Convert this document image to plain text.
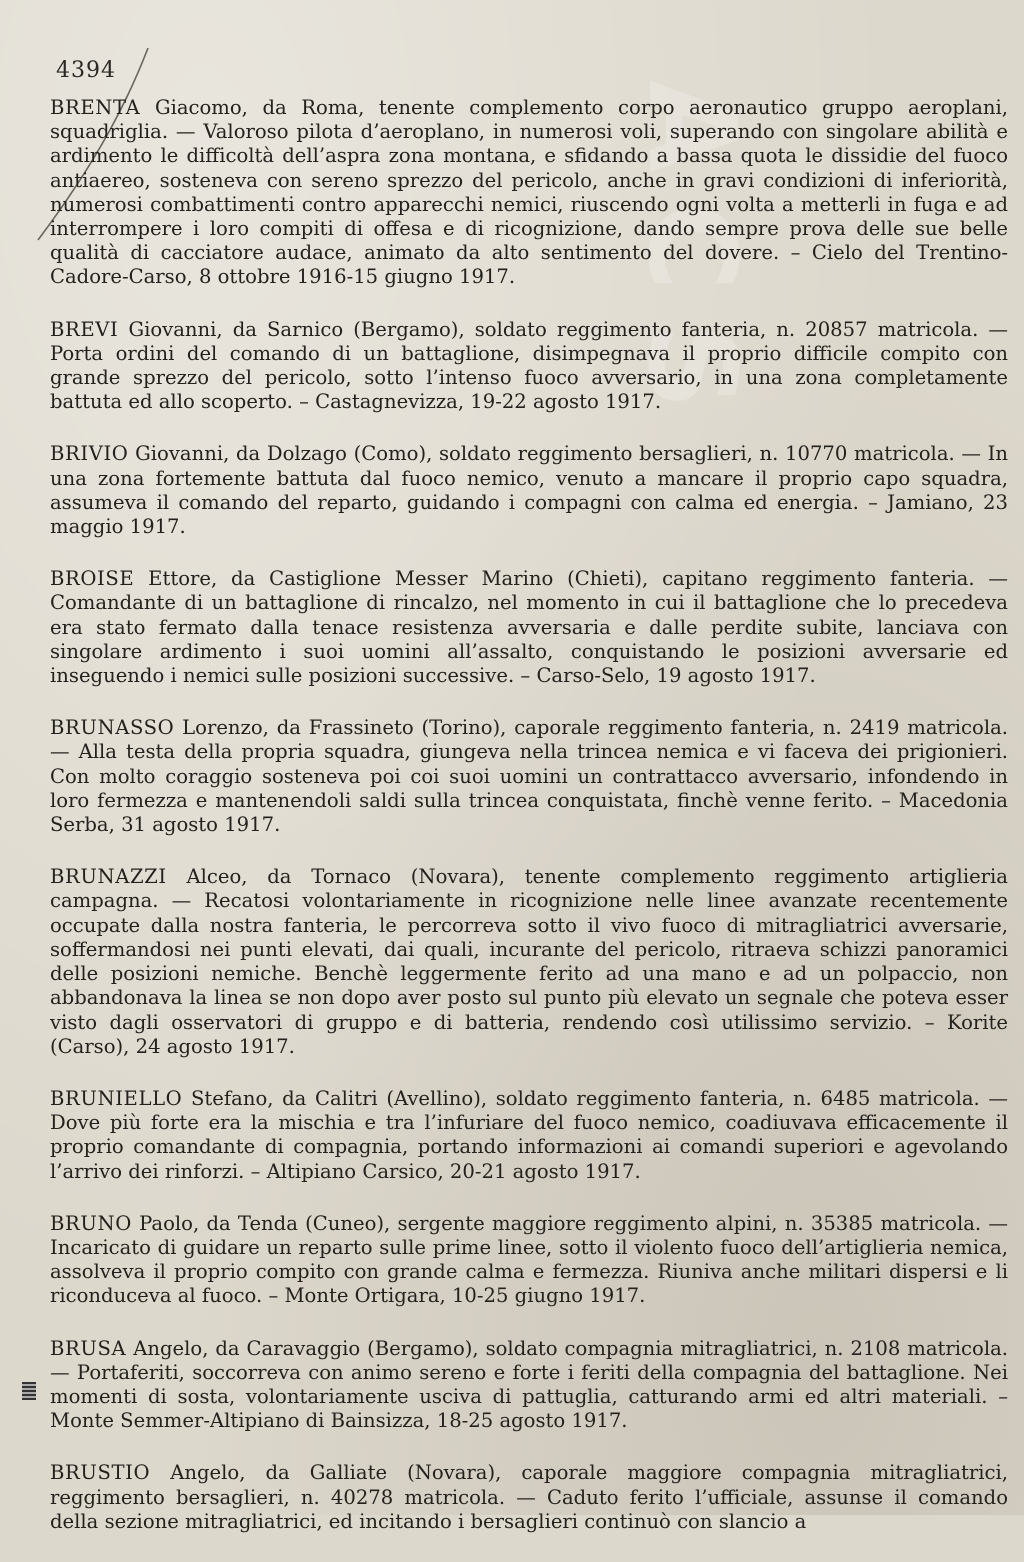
ACS
4394

BRENTA Giacomo, da Roma, tenente complemento corpo aeronautico gruppo aeroplani, squadriglia. — Valoroso pilota d’aeroplano, in numerosi voli, superando con singolare abilità e ardimento le difficoltà dell’aspra zona montana, e sfidando a bassa quota le dissidie del fuoco antiaereo, sosteneva con sereno sprezzo del pericolo, anche in gravi condizioni di inferiorità, numerosi combattimenti contro apparecchi nemici, riuscendo ogni volta a metterli in fuga e ad interrompere i loro compiti di offesa e di ricognizione, dando sempre prova delle sue belle qualità di cacciatore audace, animato da alto sentimento del dovere. – Cielo del Trentino-Cadore-Carso, 8 ottobre 1916-15 giugno 1917.

BREVI Giovanni, da Sarnico (Bergamo), soldato reggimento fanteria, n. 20857 matricola. — Porta ordini del comando di un battaglione, disimpegnava il proprio difficile compito con grande sprezzo del pericolo, sotto l’intenso fuoco avversario, in una zona completamente battuta ed allo scoperto. – Castagnevizza, 19-22 agosto 1917.

BRIVIO Giovanni, da Dolzago (Como), soldato reggimento bersaglieri, n. 10770 matricola. — In una zona fortemente battuta dal fuoco nemico, venuto a mancare il proprio capo squadra, assumeva il comando del reparto, guidando i compagni con calma ed energia. – Jamiano, 23 maggio 1917.

BROISE Ettore, da Castiglione Messer Marino (Chieti), capitano reggimento fanteria. — Comandante di un battaglione di rincalzo, nel momento in cui il battaglione che lo precedeva era stato fermato dalla tenace resistenza avversaria e dalle perdite subite, lanciava con singolare ardimento i suoi uomini all’assalto, conquistando le posizioni avversarie ed inseguendo i nemici sulle posizioni successive. – Carso-Selo, 19 agosto 1917.

BRUNASSO Lorenzo, da Frassineto (Torino), caporale reggimento fanteria, n. 2419 matricola. — Alla testa della propria squadra, giungeva nella trincea nemica e vi faceva dei prigionieri. Con molto coraggio sosteneva poi coi suoi uomini un contrattacco avversario, infondendo in loro fermezza e mantenendoli saldi sulla trincea conquistata, finchè venne ferito. – Macedonia Serba, 31 agosto 1917.

BRUNAZZI Alceo, da Tornaco (Novara), tenente complemento reggimento artiglieria campagna. — Recatosi volontariamente in ricognizione nelle linee avanzate recentemente occupate dalla nostra fanteria, le percorreva sotto il vivo fuoco di mitragliatrici avversarie, soffermandosi nei punti elevati, dai quali, incurante del pericolo, ritraeva schizzi panoramici delle posizioni nemiche. Benchè leggermente ferito ad una mano e ad un polpaccio, non abbandonava la linea se non dopo aver posto sul punto più elevato un segnale che poteva esser visto dagli osservatori di gruppo e di batteria, rendendo così utilissimo servizio. – Korite (Carso), 24 agosto 1917.

BRUNIELLO Stefano, da Calitri (Avellino), soldato reggimento fanteria, n. 6485 matricola. — Dove più forte era la mischia e tra l’infuriare del fuoco nemico, coadiuvava efficacemente il proprio comandante di compagnia, portando informazioni ai comandi superiori e agevolando l’arrivo dei rinforzi. – Altipiano Carsico, 20-21 agosto 1917.

BRUNO Paolo, da Tenda (Cuneo), sergente maggiore reggimento alpini, n. 35385 matricola. — Incaricato di guidare un reparto sulle prime linee, sotto il violento fuoco dell’artiglieria nemica, assolveva il proprio compito con grande calma e fermezza. Riuniva anche militari dispersi e li riconduceva al fuoco. – Monte Ortigara, 10-25 giugno 1917.

BRUSA Angelo, da Caravaggio (Bergamo), soldato compagnia mitragliatrici, n. 2108 matricola. — Portaferiti, soccorreva con animo sereno e forte i feriti della compagnia del battaglione. Nei momenti di sosta, volontariamente usciva di pattuglia, catturando armi ed altri materiali. – Monte Semmer-Altipiano di Bainsizza, 18-25 agosto 1917.

BRUSTIO Angelo, da Galliate (Novara), caporale maggiore compagnia mitragliatrici, reggimento bersaglieri, n. 40278 matricola. — Caduto ferito l’ufficiale, assunse il comando della sezione mitragliatrici, ed incitando i bersaglieri continuò con slancio a
